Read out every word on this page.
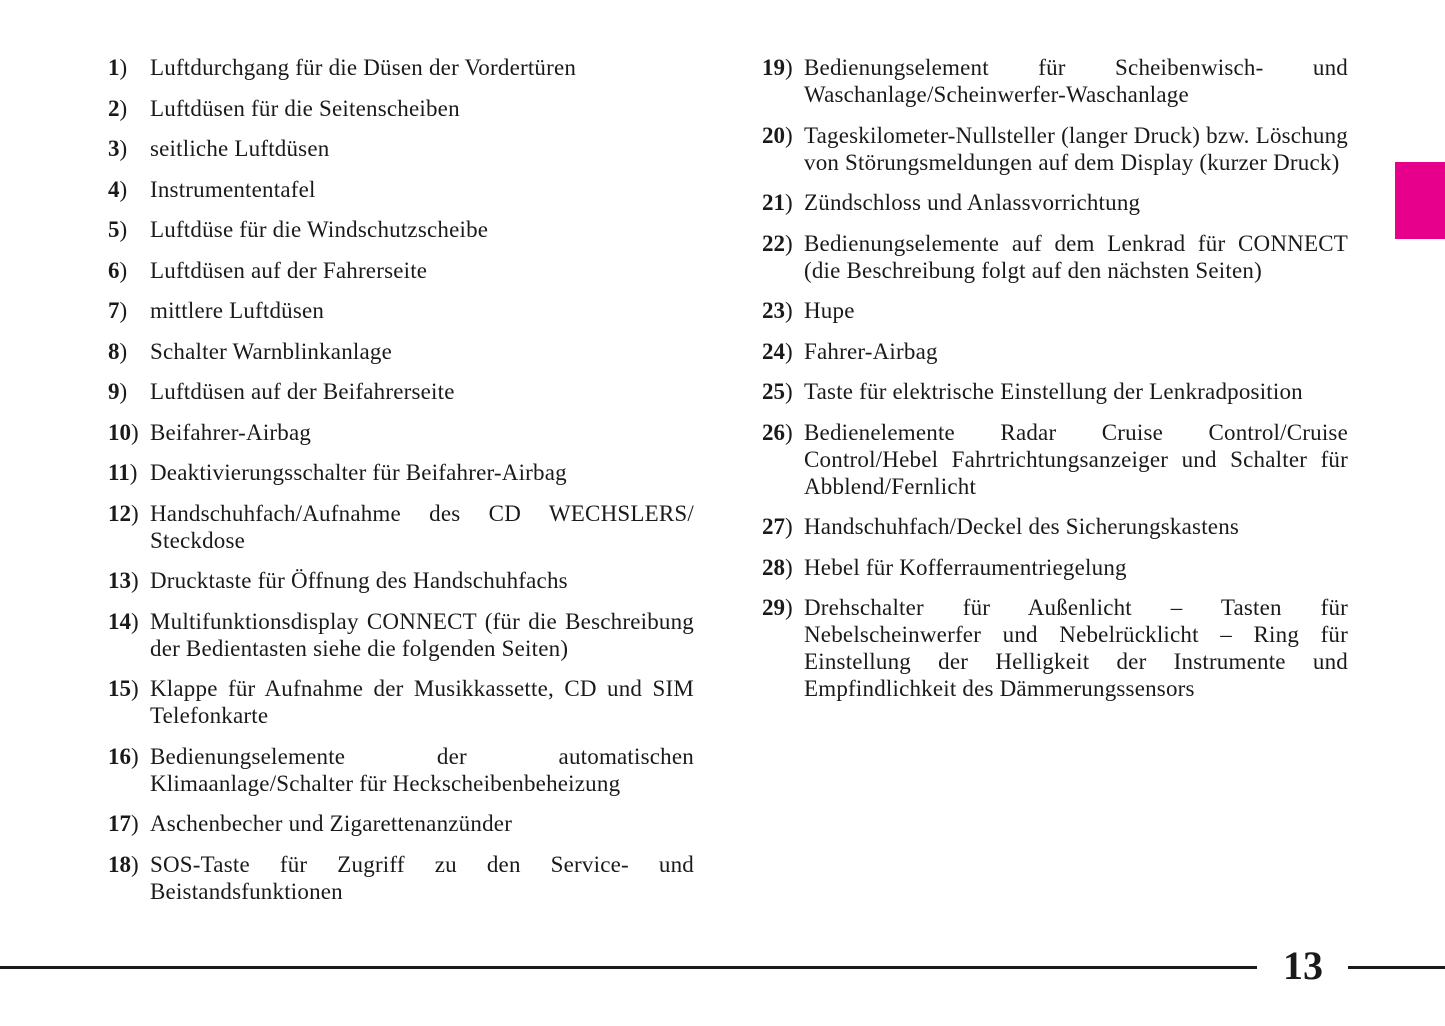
1) Luftdurchgang für die Düsen der Vordertüren
2) Luftdüsen für die Seitenscheiben
3) seitliche Luftdüsen
4) Instrumententafel
5) Luftdüse für die Windschutzscheibe
6) Luftdüsen auf der Fahrerseite
7) mittlere Luftdüsen
8) Schalter Warnblinkanlage
9) Luftdüsen auf der Beifahrerseite
10) Beifahrer-Airbag
11) Deaktivierungsschalter für Beifahrer-Airbag
12) Handschuhfach/Aufnahme des CD WECHSLERS/ Steckdose
13) Drucktaste für Öffnung des Handschuhfachs
14) Multifunktionsdisplay CONNECT (für die Beschreibung der Bedientasten siehe die folgenden Seiten)
15) Klappe für Aufnahme der Musikkassette, CD und SIM Telefonkarte
16) Bedienungselemente der automatischen Klimaanlage/Schalter für Heckscheibenbeheizung
17) Aschenbecher und Zigarettenanzünder
18) SOS-Taste für Zugriff zu den Service- und Beistandsfunktionen
19) Bedienungselement für Scheibenwisch- und Waschanlage/Scheinwerfer-Waschanlage
20) Tageskilometer-Nullsteller (langer Druck) bzw. Löschung von Störungsmeldungen auf dem Display (kurzer Druck)
21) Zündschloss und Anlassvorrichtung
22) Bedienungselemente auf dem Lenkrad für CONNECT (die Beschreibung folgt auf den nächsten Seiten)
23) Hupe
24) Fahrer-Airbag
25) Taste für elektrische Einstellung der Lenkradposition
26) Bedienelemente Radar Cruise Control/Cruise Control/Hebel Fahrtrichtungsanzeiger und Schalter für Abblend/Fernlicht
27) Handschuhfach/Deckel des Sicherungskastens
28) Hebel für Kofferraumentriegelung
29) Drehschalter für Außenlicht – Tasten für Nebelscheinwerfer und Nebelrücklicht – Ring für Einstellung der Helligkeit der Instrumente und Empfindlichkeit des Dämmerungssensors
13
